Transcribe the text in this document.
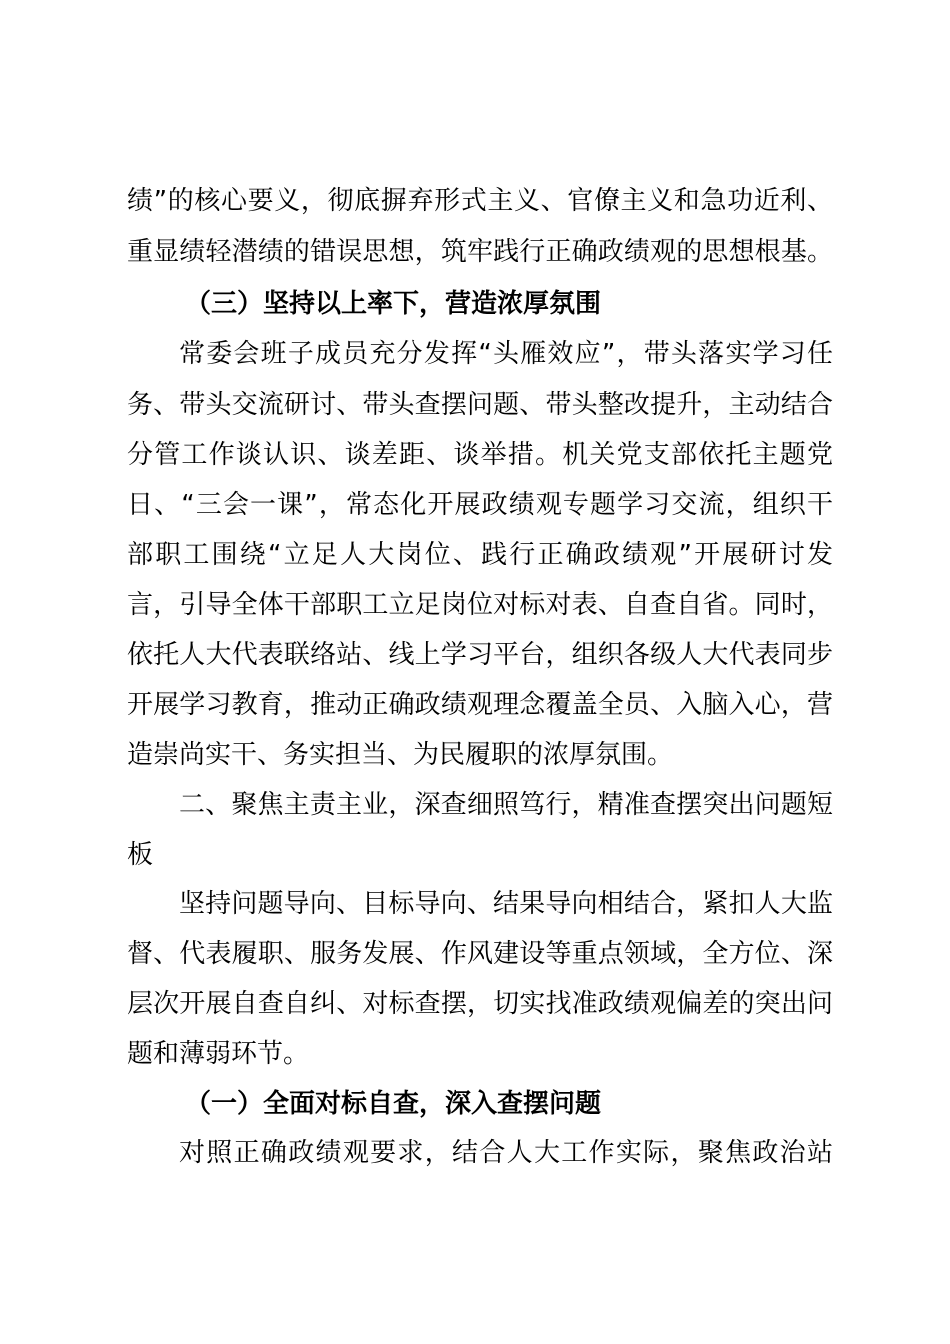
绩”的核心要义，彻底摒弃形式主义、官僚主义和急功近利、
重显绩轻潜绩的错误思想，筑牢践行正确政绩观的思想根基。
（三）坚持以上率下，营造浓厚氛围
常委会班子成员充分发挥“头雁效应”，带头落实学习任
务、带头交流研讨、带头查摆问题、带头整改提升，主动结合
分管工作谈认识、谈差距、谈举措。机关党支部依托主题党
日、“三会一课”，常态化开展政绩观专题学习交流，组织干
部职工围绕“立足人大岗位、践行正确政绩观”开展研讨发
言，引导全体干部职工立足岗位对标对表、自查自省。同时，
依托人大代表联络站、线上学习平台，组织各级人大代表同步
开展学习教育，推动正确政绩观理念覆盖全员、入脑入心，营
造崇尚实干、务实担当、为民履职的浓厚氛围。
二、聚焦主责主业，深查细照笃行，精准查摆突出问题短
板
坚持问题导向、目标导向、结果导向相结合，紧扣人大监
督、代表履职、服务发展、作风建设等重点领域，全方位、深
层次开展自查自纠、对标查摆，切实找准政绩观偏差的突出问
题和薄弱环节。
（一）全面对标自查，深入查摆问题
对照正确政绩观要求，结合人大工作实际，聚焦政治站
